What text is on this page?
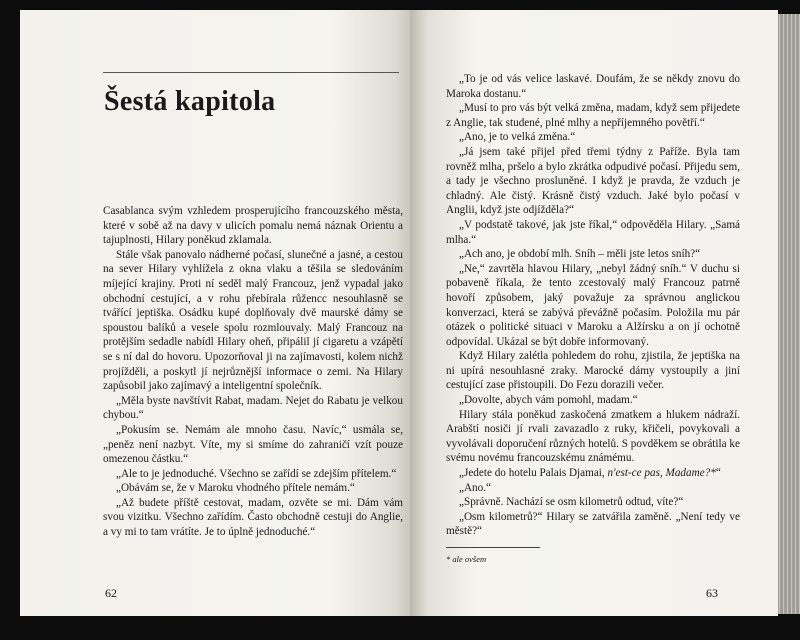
Šestá kapitola

Casablanca svým vzhledem prosperujícího francouzského města, které v sobě až na davy v ulicích pomalu nemá náznak Orientu a tajuplnosti, Hilary poněkud zklamala.

Stále však panovalo nádherné počasí, slunečné a jasné, a cestou na sever Hilary vyhlížela z okna vlaku a těšila se sledováním míjející krajiny. Proti ní seděl malý Francouz, jenž vypadal jako obchodní cestující, a v rohu přebírala růžencc nesouhlasně se tvářící jeptiška. Osádku kupé doplňovaly dvě maurské dámy se spoustou balíků a vesele spolu rozmlouvaly. Malý Francouz na protějším sedadle nabídl Hilary oheň, připálil jí cigaretu a vzápětí se s ní dal do hovoru. Upozorňoval ji na zajímavosti, kolem nichž projížděli, a poskytl jí nejrůznější informace o zemi. Na Hilary zapůsobil jako zajímavý a inteligentní společník.

„Měla byste navštívit Rabat, madam. Nejet do Rabatu je velkou chybou.“

„Pokusím se. Nemám ale mnoho času. Navíc,“ usmála se, „peněz není nazbyt. Víte, my si smíme do zahraničí vzít pouze omezenou částku.“

„Ale to je jednoduché. Všechno se zařídí se zdejším přítelem.“

„Obávám se, že v Maroku vhodného přítele nemám.“

„Až budete příště cestovat, madam, ozvěte se mi. Dám vám svou vizitku. Všechno zařídím. Často obchodně cestuji do Anglie, a vy mi to tam vrátíte. Je to úplně jednoduché.“

62

„To je od vás velice laskavé. Doufám, že se někdy znovu do Maroka dostanu.“

„Musí to pro vás být velká změna, madam, když sem přijedete z Anglie, tak studené, plné mlhy a nepříjemného povětří.“

„Ano, je to velká změna.“

„Já jsem také přijel před třemi týdny z Paříže. Byla tam rovněž mlha, pršelo a bylo zkrátka odpudivé počasí. Přijedu sem, a tady je všechno prosluněné. I když je pravda, že vzduch je chladný. Ale čistý. Krásně čistý vzduch. Jaké bylo počasí v Anglii, když jste odjížděla?“

„V podstatě takové, jak jste říkal,“ odpověděla Hilary. „Samá mlha.“

„Ach ano, je období mlh. Sníh – měli jste letos sníh?“

„Ne,“ zavrtěla hlavou Hilary, „nebyl žádný sníh.“ V duchu si pobaveně říkala, že tento zcestovalý malý Francouz patrně hovoří způsobem, jaký považuje za správnou anglickou konverzaci, která se zabývá převážně počasím. Položila mu pár otázek o politické situaci v Maroku a Alžírsku a on jí ochotně odpovídal. Ukázal se být dobře informovaný.

Když Hilary zalétla pohledem do rohu, zjistila, že jeptiška na ni upírá nesouhlasné zraky. Marocké dámy vystoupily a jiní cestující zase přistoupili. Do Fezu dorazili večer.

„Dovolte, abych vám pomohl, madam.“

Hilary stála poněkud zaskočená zmatkem a hlukem nádraží. Arabští nosiči jí rvali zavazadlo z ruky, křičeli, povykovali a vyvolávali doporučení různých hotelů. S povděkem se obrátila ke svému novému francouzskému známému.

„Jedete do hotelu Palais Djamai, n'est-ce pas, Madame?*“

„Ano.“

„Správně. Nachází se osm kilometrů odtud, víte?“

„Osm kilometrů?“ Hilary se zatvářila zaměně. „Není tedy ve městě?“

* ale ovšem
63
